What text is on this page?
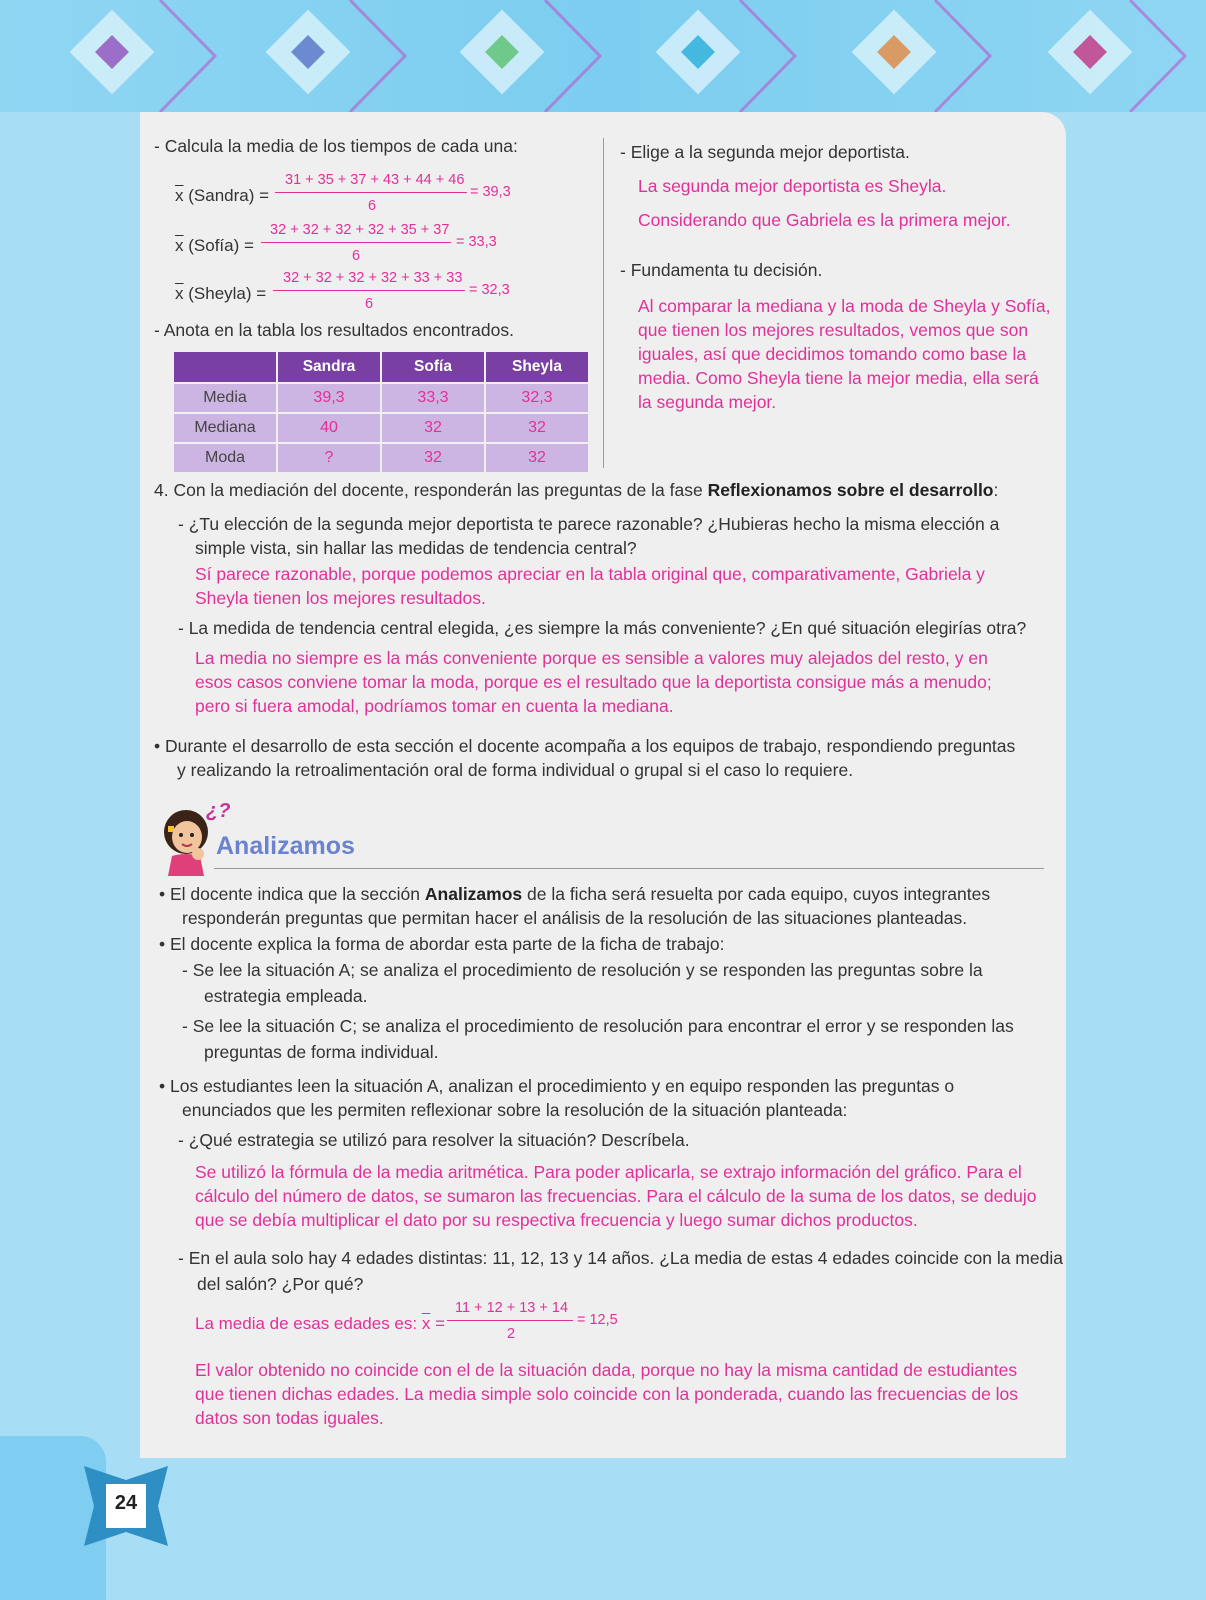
- Calcula la media de los tiempos de cada una:
$\overline{x}$ (Sandra) =
31 + 35 + 37 + 43 + 44 + 46
6
= 39,3
$\overline{x}$ (Sofía) =
32 + 32 + 32 + 32 + 35 + 37
6
= 33,3
$\overline{x}$ (Sheyla) =
32 + 32 + 32 + 32 + 33 + 33
6
= 32,3
- Anota en la tabla los resultados encontrados.
	Sandra	Sofía	Sheyla
Media	39,3	33,3	32,3
Mediana	40	32	32
Moda	?	32	32
- Elige a la segunda mejor deportista.
La segunda mejor deportista es Sheyla.
Considerando que Gabriela es la primera mejor.
- Fundamenta tu decisión.
Al comparar la mediana y la moda de Sheyla y Sofía,
que tienen los mejores resultados, vemos que son
iguales, así que decidimos tomando como base la
media. Como Sheyla tiene la mejor media, ella será
la segunda mejor.
4. Con la mediación del docente, responderán las preguntas de la fase Reflexionamos sobre el desarrollo:
- ¿Tu elección de la segunda mejor deportista te parece razonable? ¿Hubieras hecho la misma elección a
simple vista, sin hallar las medidas de tendencia central?
Sí parece razonable, porque podemos apreciar en la tabla original que, comparativamente, Gabriela y
Sheyla tienen los mejores resultados.
- La medida de tendencia central elegida, ¿es siempre la más conveniente? ¿En qué situación elegirías otra?
La media no siempre es la más conveniente porque es sensible a valores muy alejados del resto, y en
esos casos conviene tomar la moda, porque es el resultado que la deportista consigue más a menudo;
pero si fuera amodal, podríamos tomar en cuenta la mediana.
• Durante el desarrollo de esta sección el docente acompaña a los equipos de trabajo, respondiendo preguntas
y realizando la retroalimentación oral de forma individual o grupal si el caso lo requiere.
¿?
Analizamos
• El docente indica que la sección Analizamos de la ficha será resuelta por cada equipo, cuyos integrantes
responderán preguntas que permitan hacer el análisis de la resolución de las situaciones planteadas.
• El docente explica la forma de abordar esta parte de la ficha de trabajo:
- Se lee la situación A; se analiza el procedimiento de resolución y se responden las preguntas sobre la
estrategia empleada.
- Se lee la situación C; se analiza el procedimiento de resolución para encontrar el error y se responden las
preguntas de forma individual.
• Los estudiantes leen la situación A, analizan el procedimiento y en equipo responden las preguntas o
enunciados que les permiten reflexionar sobre la resolución de la situación planteada:
- ¿Qué estrategia se utilizó para resolver la situación? Descríbela.
Se utilizó la fórmula de la media aritmética. Para poder aplicarla, se extrajo información del gráfico. Para el
cálculo del número de datos, se sumaron las frecuencias. Para el cálculo de la suma de los datos, se dedujo
que se debía multiplicar el dato por su respectiva frecuencia y luego sumar dichos productos.
- En el aula solo hay 4 edades distintas: 11, 12, 13 y 14 años. ¿La media de estas 4 edades coincide con la media
del salón? ¿Por qué?
La media de esas edades es: $\overline{x}$ =
11 + 12 + 13 + 14
2
= 12,5
El valor obtenido no coincide con el de la situación dada, porque no hay la misma cantidad de estudiantes
que tienen dichas edades. La media simple solo coincide con la ponderada, cuando las frecuencias de los
datos son todas iguales.
24
